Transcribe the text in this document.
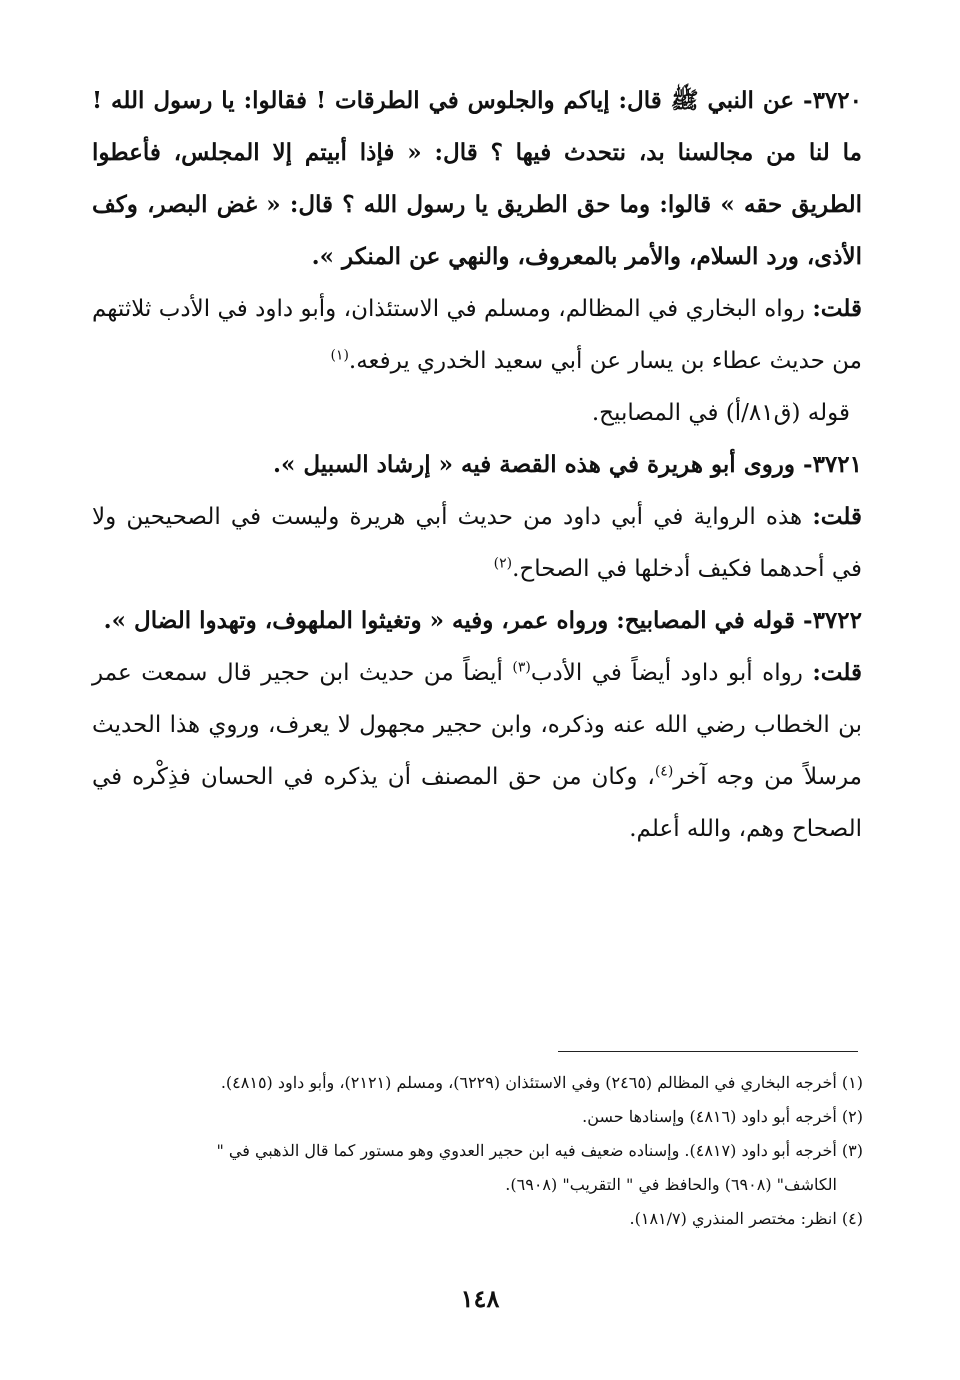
٣٧٢٠- عن النبي ﷺ قال: إياكم والجلوس في الطرقات ! فقالوا: يا رسول الله ! ما لنا من مجالسنا بد، نتحدث فيها ؟ قال: « فإذا أبيتم إلا المجلس، فأعطوا الطريق حقه » قالوا: وما حق الطريق يا رسول الله ؟ قال: « غض البصر، وكف الأذى، ورد السلام، والأمر بالمعروف، والنهي عن المنكر ».

قلت: رواه البخاري في المظالم، ومسلم في الاستئذان، وأبو داود في الأدب ثلاثتهم من حديث عطاء بن يسار عن أبي سعيد الخدري يرفعه.$^{(١)}$

قوله (ق٨١/أ) في المصابيح.

٣٧٢١- وروى أبو هريرة في هذه القصة فيه « إرشاد السبيل ».

قلت: هذه الرواية في أبي داود من حديث أبي هريرة وليست في الصحيحين ولا في أحدهما فكيف أدخلها في الصحاح.$^{(٢)}$

٣٧٢٢- قوله في المصابيح: ورواه عمر، وفيه « وتغيثوا الملهوف، وتهدوا الضال ».

قلت: رواه أبو داود أيضاً في الأدب$^{(٣)}$ أيضاً من حديث ابن حجير قال سمعت عمر بن الخطاب رضي الله عنه وذكره، وابن حجير مجهول لا يعرف، وروي هذا الحديث مرسلاً من وجه آخر$^{(٤)}$، وكان من حق المصنف أن يذكره في الحسان فذِكْره في الصحاح وهم، والله أعلم.

(١) أخرجه البخاري في المظالم (٢٤٦٥) وفي الاستئذان (٦٢٢٩)، ومسلم (٢١٢١)، وأبو داود (٤٨١٥).

(٢) أخرجه أبو داود (٤٨١٦) وإسنادها حسن.

(٣) أخرجه أبو داود (٤٨١٧). وإسناده ضعيف فيه ابن حجير العدوي وهو مستور كما قال الذهبي في "
الكاشف" (٦٩٠٨) والحافظ في " التقريب" (٦٩٠٨).

(٤) انظر: مختصر المنذري (١٨١/٧).

١٤٨
